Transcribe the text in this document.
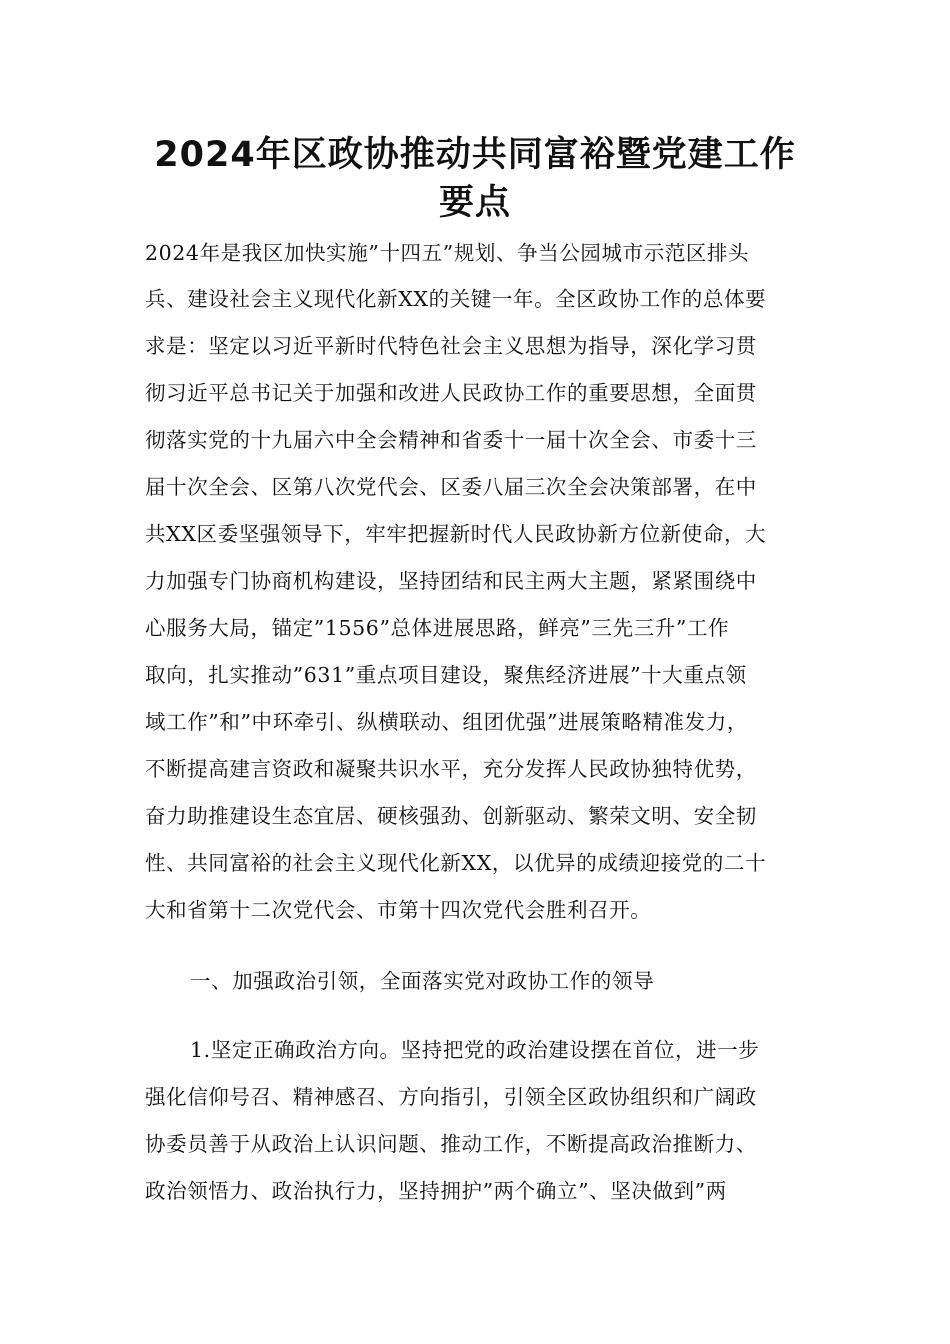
2024年区政协推动共同富裕暨党建工作
要点
2024年是我区加快实施”十四五”规划、争当公园城市示范区排头
兵、建设社会主义现代化新XX的关键一年。全区政协工作的总体要
求是：坚定以习近平新时代特色社会主义思想为指导，深化学习贯
彻习近平总书记关于加强和改进人民政协工作的重要思想，全面贯
彻落实党的十九届六中全会精神和省委十一届十次全会、市委十三
届十次全会、区第八次党代会、区委八届三次全会决策部署，在中
共XX区委坚强领导下，牢牢把握新时代人民政协新方位新使命，大
力加强专门协商机构建设，坚持团结和民主两大主题，紧紧围绕中
心服务大局，锚定”1556”总体进展思路，鲜亮”三先三升”工作
取向，扎实推动”631”重点项目建设，聚焦经济进展”十大重点领
域工作”和”中环牵引、纵横联动、组团优强”进展策略精准发力，
不断提高建言资政和凝聚共识水平，充分发挥人民政协独特优势，
奋力助推建设生态宜居、硬核强劲、创新驱动、繁荣文明、安全韧
性、共同富裕的社会主义现代化新XX，以优异的成绩迎接党的二十
大和省第十二次党代会、市第十四次党代会胜利召开。
一、加强政治引领，全面落实党对政协工作的领导
1.坚定正确政治方向。坚持把党的政治建设摆在首位，进一步
强化信仰号召、精神感召、方向指引，引领全区政协组织和广阔政
协委员善于从政治上认识问题、推动工作，不断提高政治推断力、
政治领悟力、政治执行力，坚持拥护”两个确立”、坚决做到”两
